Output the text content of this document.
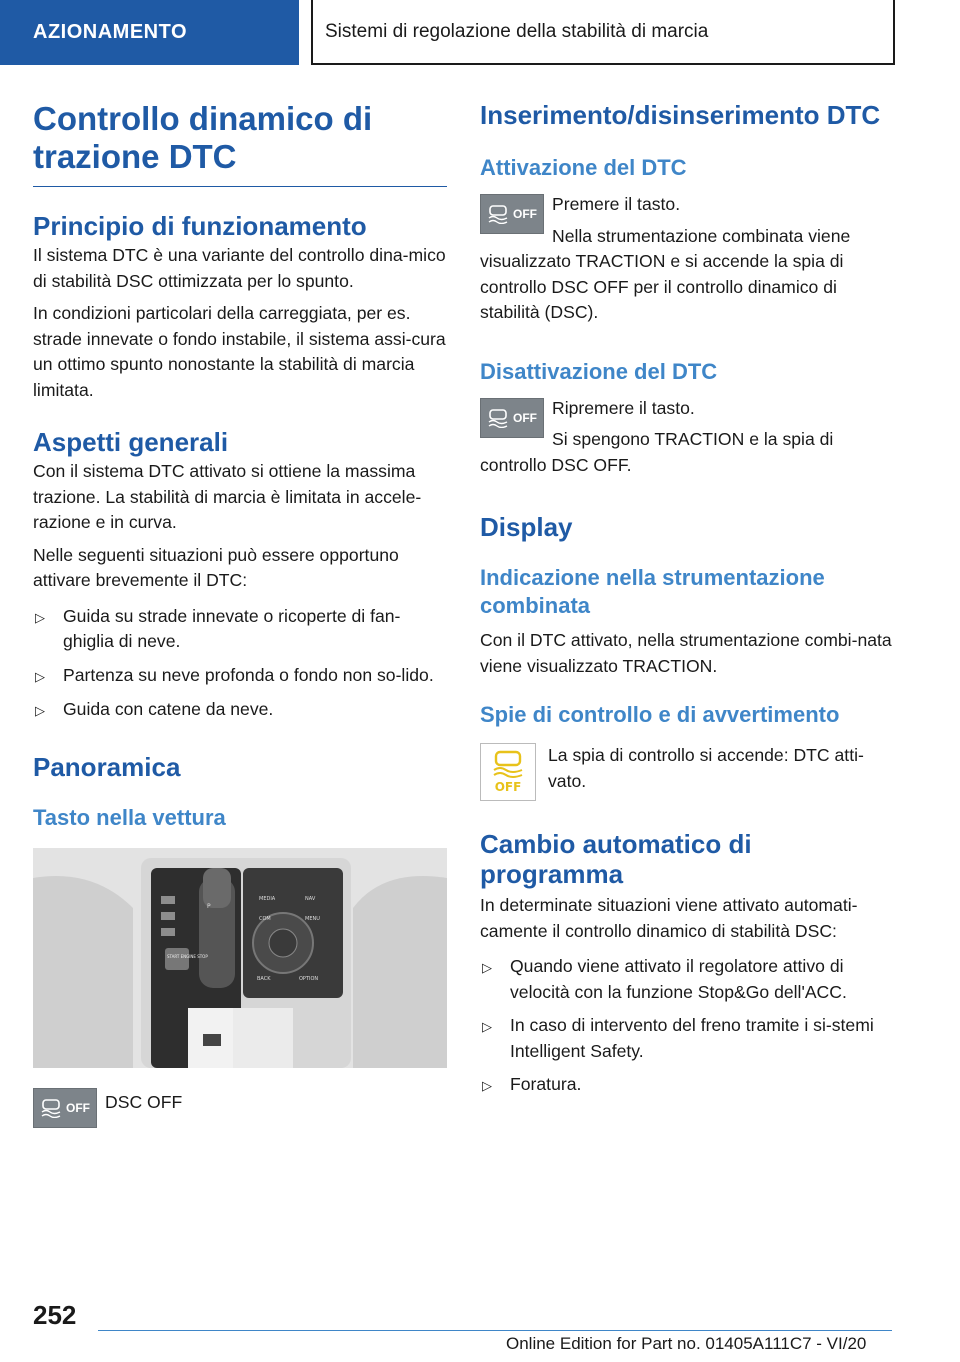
AZIONAMENTO	Sistemi di regolazione della stabilità di marcia
Controllo dinamico di trazione DTC
Principio di funzionamento

Il sistema DTC è una variante del controllo dina-mico di stabilità DSC ottimizzata per lo spunto.

In condizioni particolari della carreggiata, per es. strade innevate o fondo instabile, il sistema assi-cura un ottimo spunto nonostante la stabilità di marcia limitata.

Aspetti generali

Con il sistema DTC attivato si ottiene la massima trazione. La stabilità di marcia è limitata in accele-razione e in curva.

Nelle seguenti situazioni può essere opportuno attivare brevemente il DTC:

▷	Guida su strade innevate o ricoperte di fan-ghiglia di neve.
▷	Partenza su neve profonda o fondo non so-lido.
▷	Guida con catene da neve.
Panoramica
Tasto nella vettura
P
START ENGINE STOP
MEDIA	NAV
COM	MENU
BACK	OPTION
OFF DSC OFF

Inserimento/disinserimento DTC
Attivazione del DTC
OFF Premere il tasto.

Nella strumentazione combinata viene visualizzato TRACTION e si accende la spia di controllo DSC OFF per il controllo dinamico di stabilità (DSC).

Disattivazione del DTC
OFF Ripremere il tasto.

Si spengono TRACTION e la spia di controllo DSC OFF.

Display
Indicazione nella strumentazione combinata

Con il DTC attivato, nella strumentazione combi-nata viene visualizzato TRACTION.

Spie di controllo e di avvertimento
OFF

La spia di controllo si accende: DTC atti-vato.

Cambio automatico di programma

In determinate situazioni viene attivato automati-camente il controllo dinamico di stabilità DSC:

▷	Quando viene attivato il regolatore attivo di velocità con la funzione Stop&Go dell'ACC.
▷	In caso di intervento del freno tramite i si-stemi Intelligent Safety.
▷	Foratura.
252
Online Edition for Part no. 01405A111C7 - VI/20
